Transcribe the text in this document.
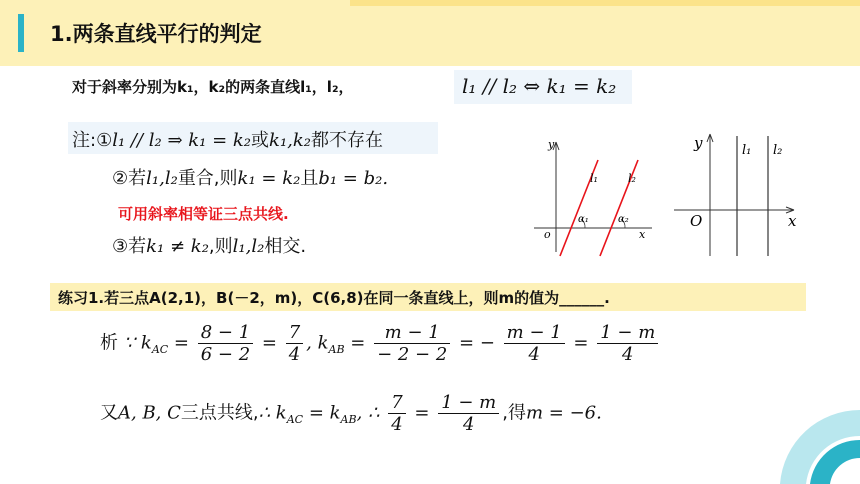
1.两条直线平行的判定
对于斜率分别为k₁，k₂的两条直线l₁，l₂，	l₁ // l₂ ⇔ k₁ = k₂
注:①l₁ // l₂ ⇒ k₁ = k₂或k₁,k₂都不存在
②若l₁,l₂重合,则k₁ = k₂且b₁ = b₂.
可用斜率相等证三点共线.
③若k₁ ≠ k₂,则l₁,l₂相交.
y
x
o
l₁	l₂
α₁	α₂
y
x
O
l₁ l₂
练习1.若三点A(2,1)，B(－2，m)，C(6,8)在同一条直线上，则m的值为______.
析 ∵ $k_{AC} = \frac{8 - 1}{6 - 2} = \frac{7}{4}$ , $k_{AB} = \frac{m - 1}{- 2 - 2}$ = − $\frac{m - 1}{4} = \frac{1 - m}{4}$
又A, B, C三点共线,∴ $k_{AC} = k_{AB}$, ∴ $\frac{7}{4} = \frac{1 - m}{4}$ ,得m = −6.
